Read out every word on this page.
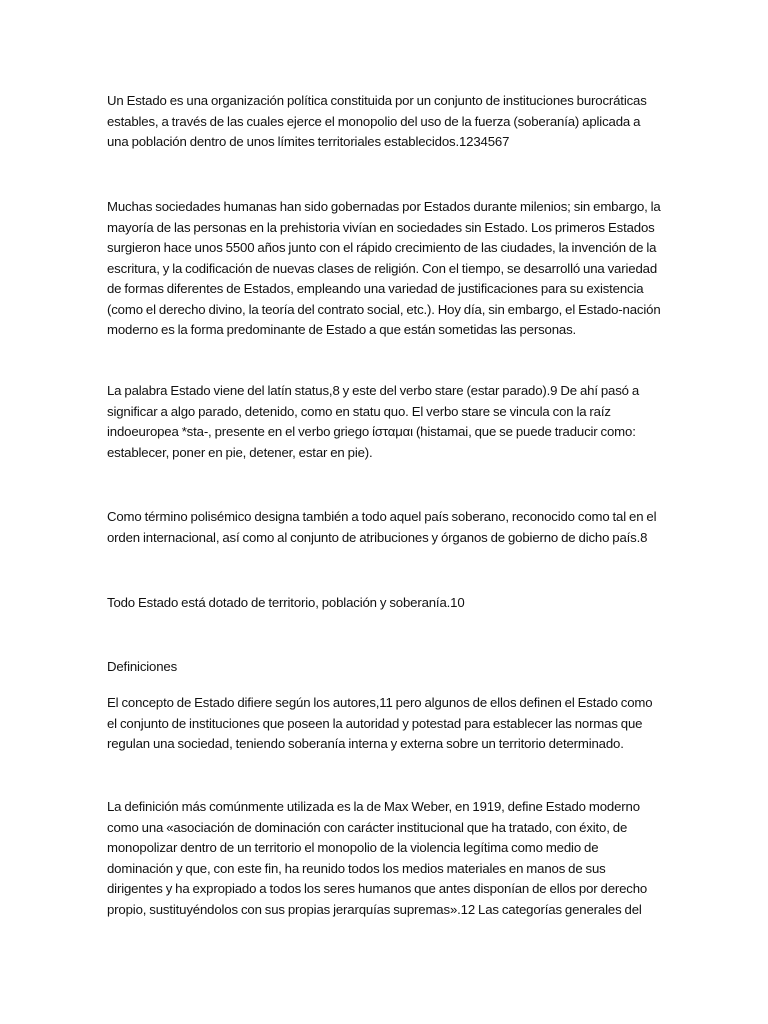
Un Estado es una organización política constituida por un conjunto de instituciones burocráticas estables, a través de las cuales ejerce el monopolio del uso de la fuerza (soberanía) aplicada a una población dentro de unos límites territoriales establecidos.1234567

Muchas sociedades humanas han sido gobernadas por Estados durante milenios; sin embargo, la mayoría de las personas en la prehistoria vivían en sociedades sin Estado. Los primeros Estados surgieron hace unos 5500 años junto con el rápido crecimiento de las ciudades, la invención de la escritura, y la codificación de nuevas clases de religión. Con el tiempo, se desarrolló una variedad de formas diferentes de Estados, empleando una variedad de justificaciones para su existencia (como el derecho divino, la teoría del contrato social, etc.). Hoy día, sin embargo, el Estado-nación moderno es la forma predominante de Estado a que están sometidas las personas.

La palabra Estado viene del latín status,8 y este del verbo stare (estar parado).9 De ahí pasó a significar a algo parado, detenido, como en statu quo. El verbo stare se vincula con la raíz indoeuropea *sta-, presente en el verbo griego ίσταμαι (histamai, que se puede traducir como: establecer, poner en pie, detener, estar en pie).

Como término polisémico designa también a todo aquel país soberano, reconocido como tal en el orden internacional, así como al conjunto de atribuciones y órganos de gobierno de dicho país.8

Todo Estado está dotado de territorio, población y soberanía.10

Definiciones

El concepto de Estado difiere según los autores,11 pero algunos de ellos definen el Estado como el conjunto de instituciones que poseen la autoridad y potestad para establecer las normas que regulan una sociedad, teniendo soberanía interna y externa sobre un territorio determinado.

La definición más comúnmente utilizada es la de Max Weber, en 1919, define Estado moderno como una «asociación de dominación con carácter institucional que ha tratado, con éxito, de monopolizar dentro de un territorio el monopolio de la violencia legítima como medio de dominación y que, con este fin, ha reunido todos los medios materiales en manos de sus dirigentes y ha expropiado a todos los seres humanos que antes disponían de ellos por derecho propio, sustituyéndolos con sus propias jerarquías supremas».12 Las categorías generales del
